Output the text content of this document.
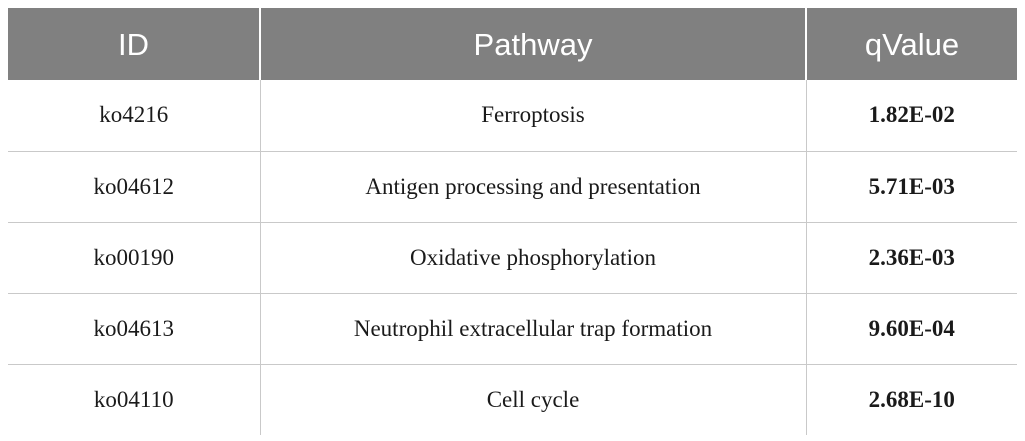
ID	Pathway	qValue
ko4216	Ferroptosis	1.82E-02
ko04612	Antigen processing and presentation	5.71E-03
ko00190	Oxidative phosphorylation	2.36E-03
ko04613	Neutrophil extracellular trap formation	9.60E-04
ko04110	Cell cycle	2.68E-10
